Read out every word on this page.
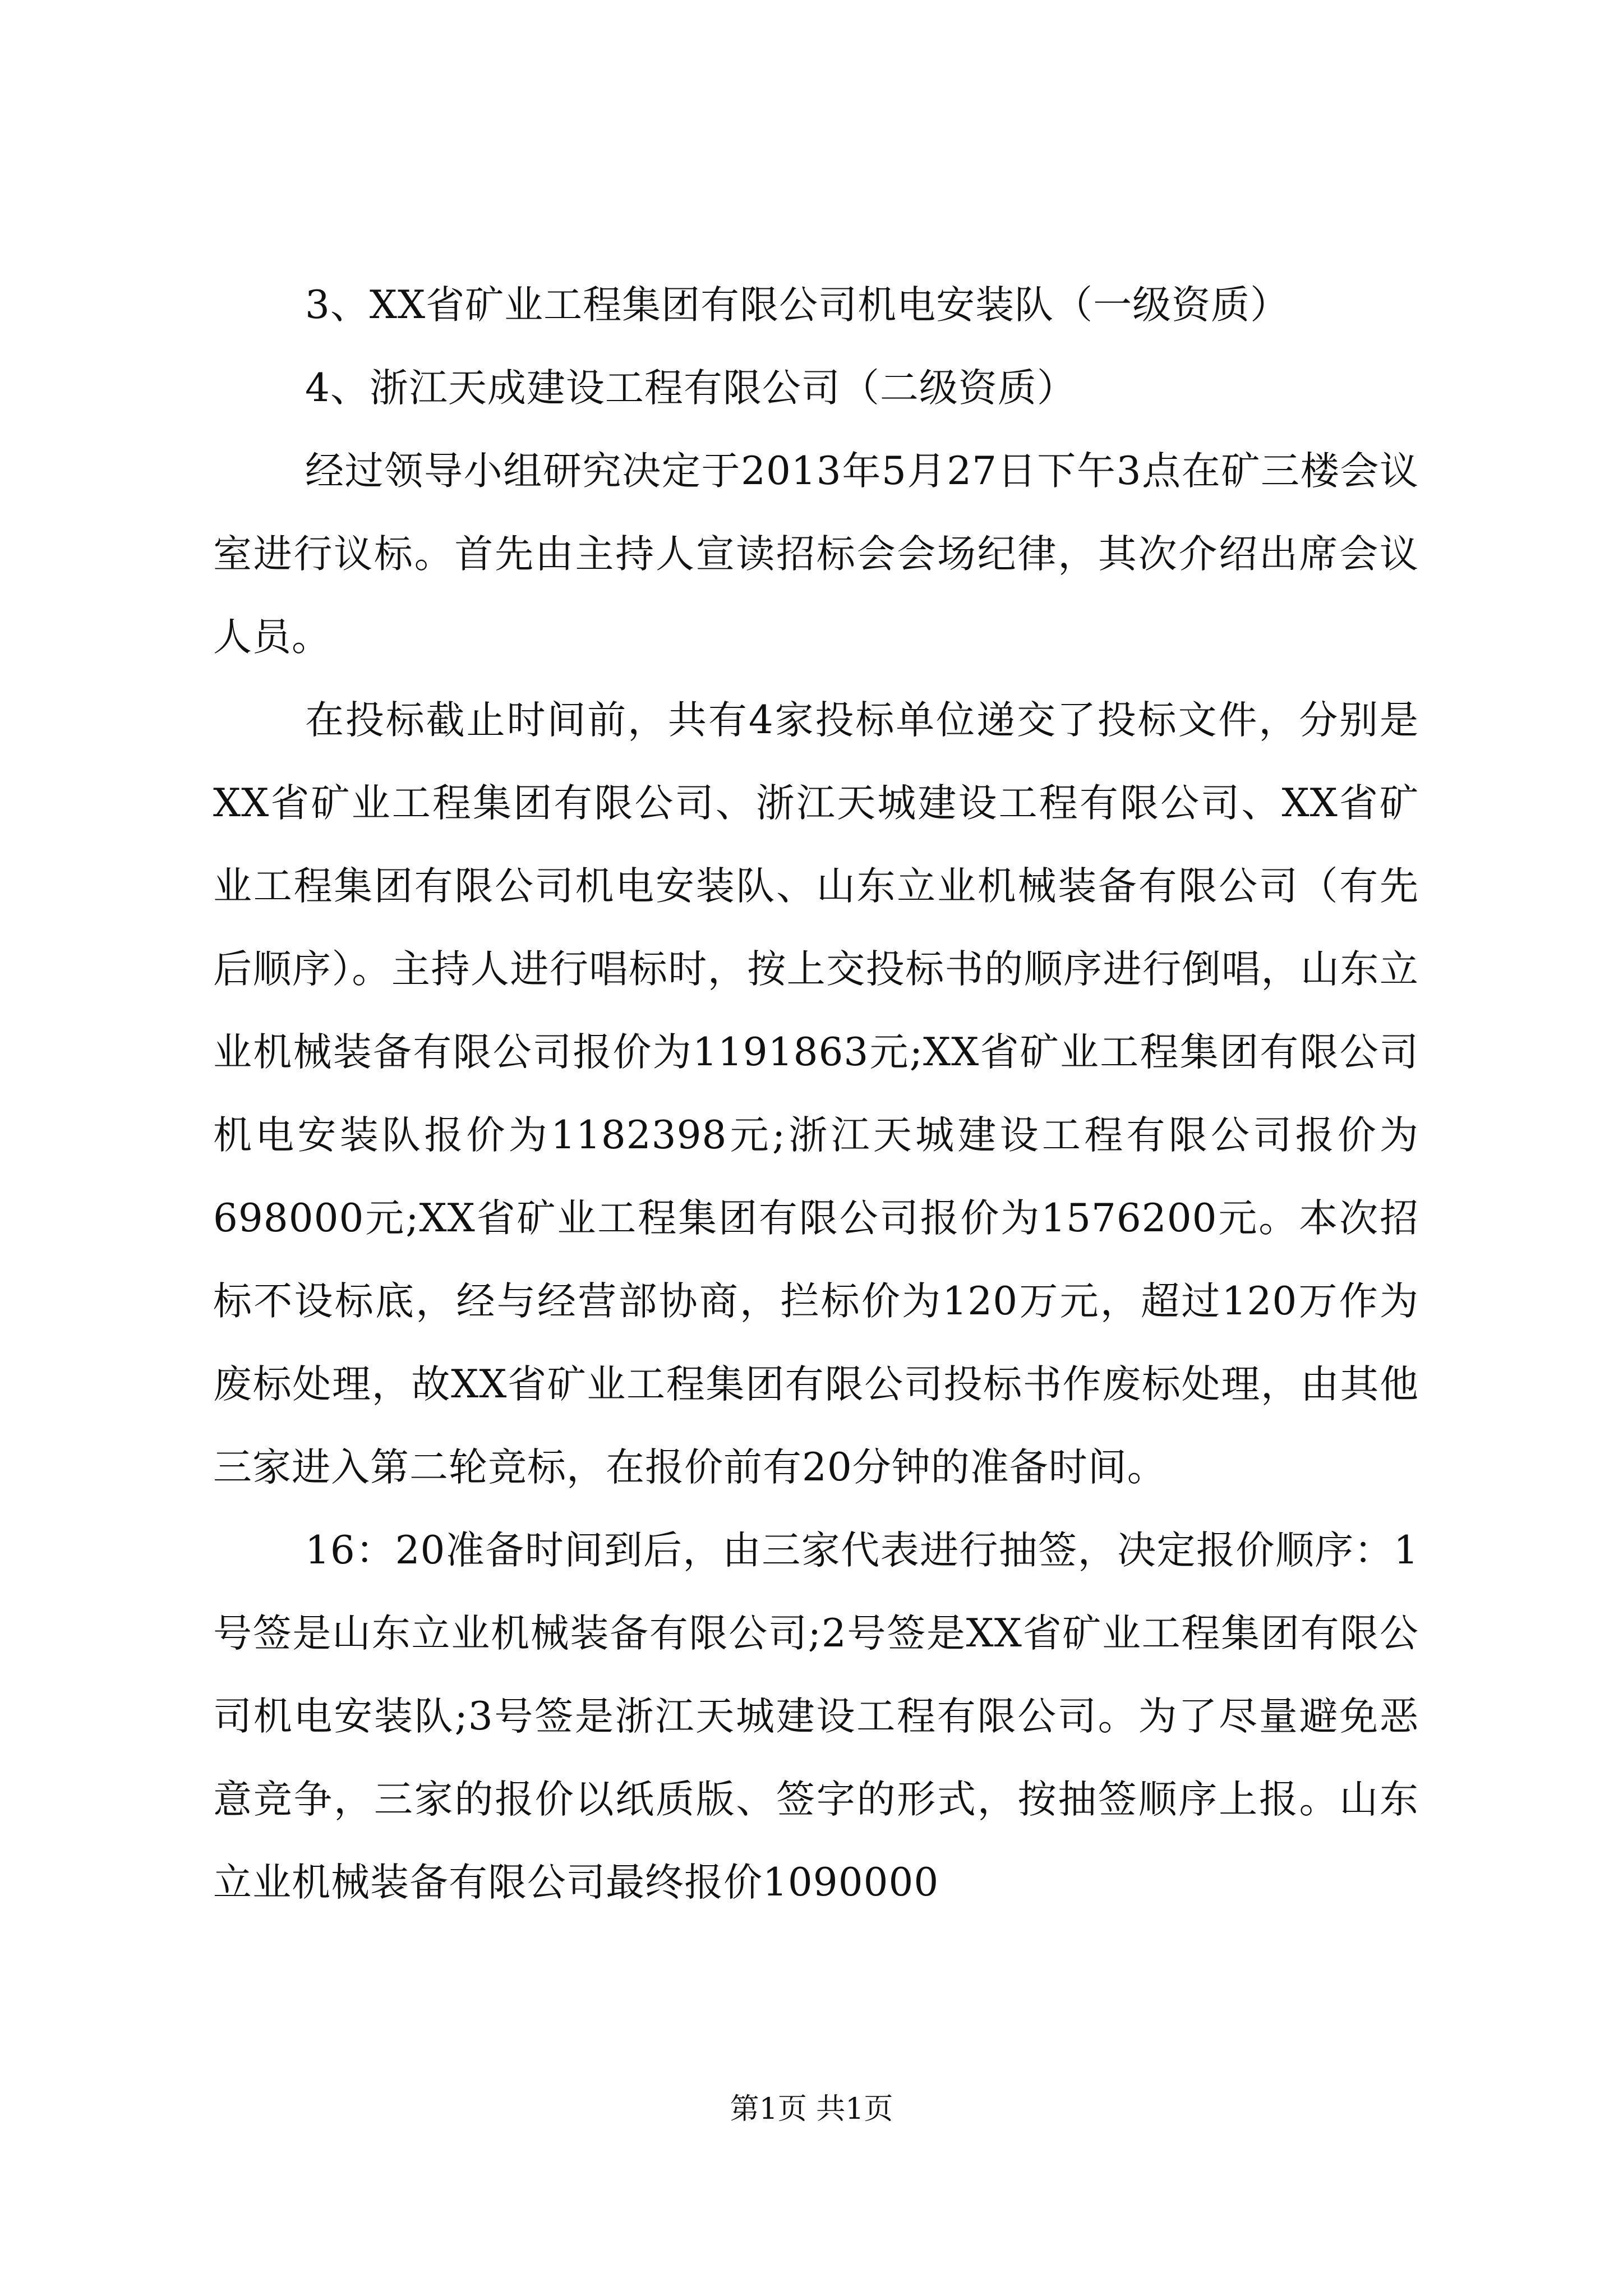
3、XX省矿业工程集团有限公司机电安装队（一级资质）

4、浙江天成建设工程有限公司（二级资质）

经过领导小组研究决定于2013年5月27日下午3点在矿三楼会议室进行议标。首先由主持人宣读招标会会场纪律，其次介绍出席会议人员。

在投标截止时间前，共有4家投标单位递交了投标文件，分别是XX省矿业工程集团有限公司、浙江天城建设工程有限公司、XX省矿业工程集团有限公司机电安装队、山东立业机械装备有限公司（有先后顺序）。主持人进行唱标时，按上交投标书的顺序进行倒唱，山东立业机械装备有限公司报价为1191863元;XX省矿业工程集团有限公司机电安装队报价为1182398元;浙江天城建设工程有限公司报价为698000元;XX省矿业工程集团有限公司报价为1576200元。本次招标不设标底，经与经营部协商，拦标价为120万元，超过120万作为废标处理，故XX省矿业工程集团有限公司投标书作废标处理，由其他三家进入第二轮竞标，在报价前有20分钟的准备时间。

16：20准备时间到后，由三家代表进行抽签，决定报价顺序：1号签是山东立业机械装备有限公司;2号签是XX省矿业工程集团有限公司机电安装队;3号签是浙江天城建设工程有限公司。为了尽量避免恶意竞争，三家的报价以纸质版、签字的形式，按抽签顺序上报。山东立业机械装备有限公司最终报价1090000

第1页 共1页
